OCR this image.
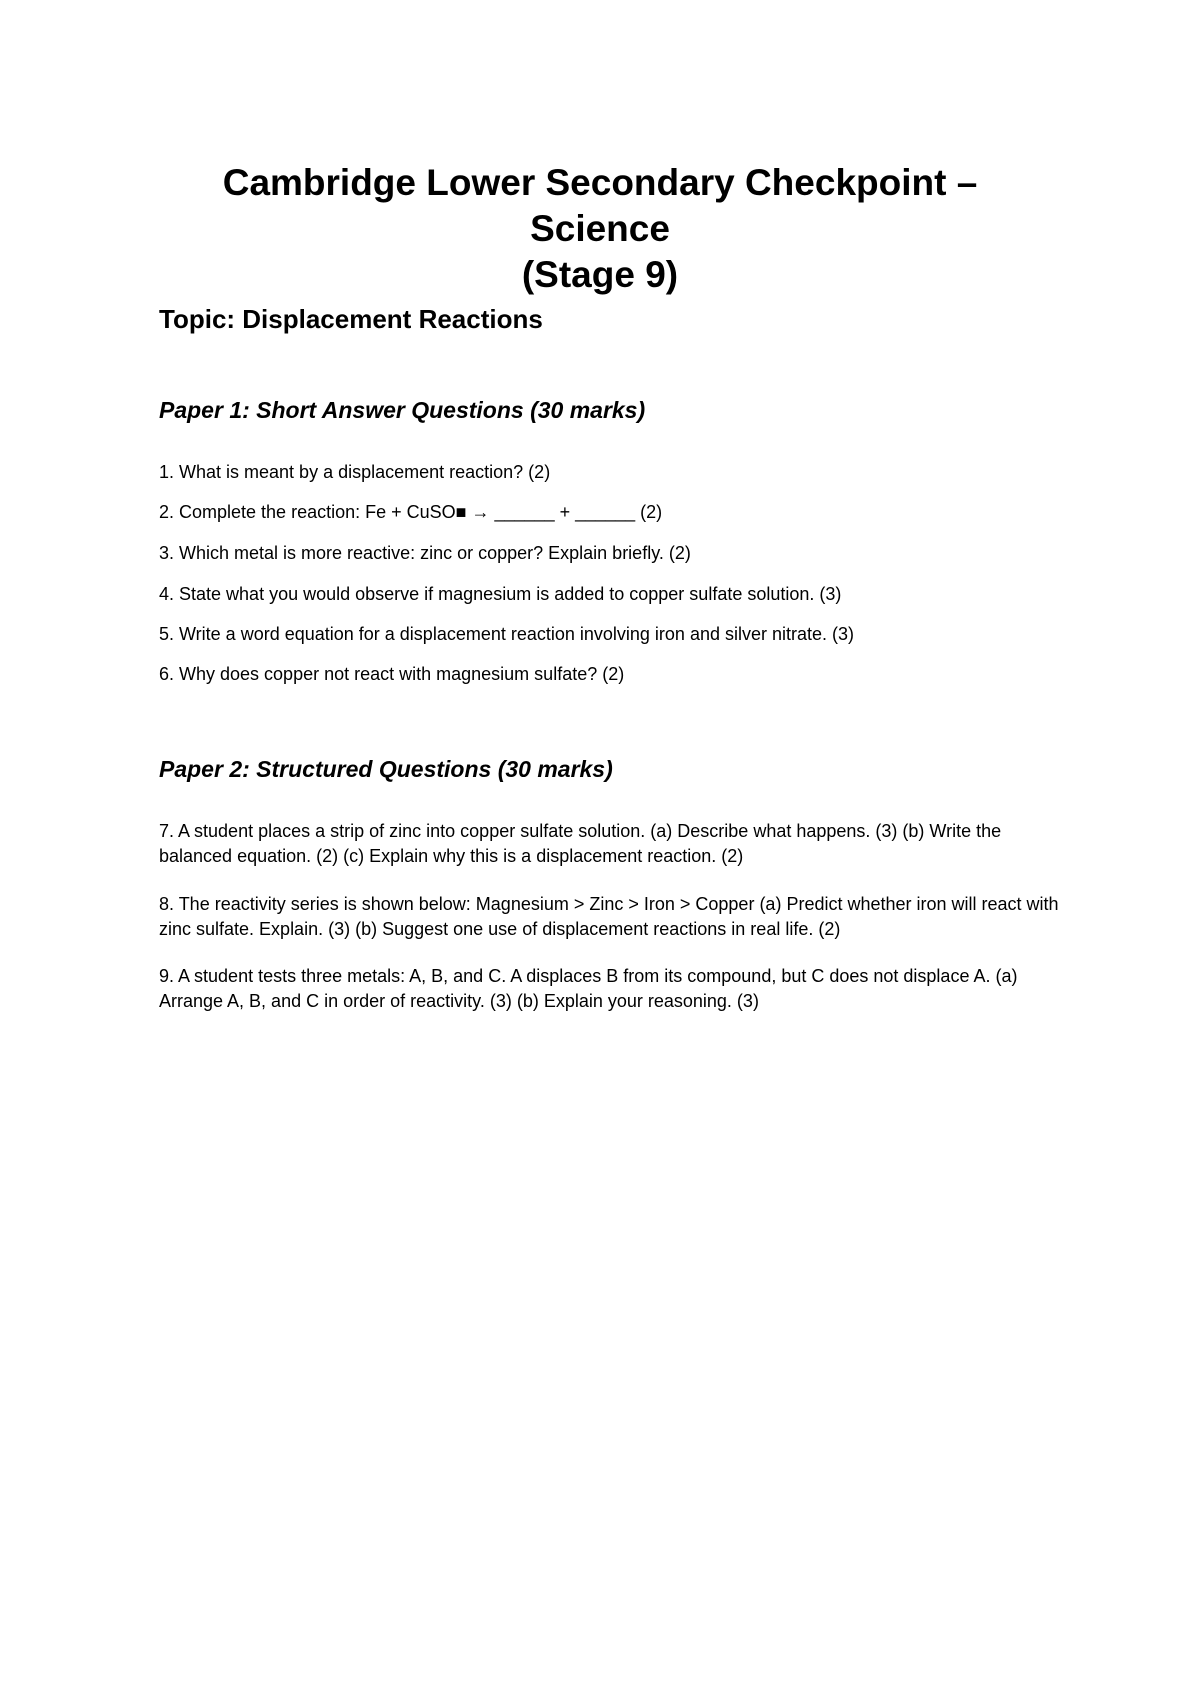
Cambridge Lower Secondary Checkpoint – Science
(Stage 9)
Topic: Displacement Reactions
Paper 1: Short Answer Questions (30 marks)

1. What is meant by a displacement reaction? (2)

2. Complete the reaction: Fe + CuSO■ → ______ + ______ (2)

3. Which metal is more reactive: zinc or copper? Explain briefly. (2)

4. State what you would observe if magnesium is added to copper sulfate solution. (3)

5. Write a word equation for a displacement reaction involving iron and silver nitrate. (3)

6. Why does copper not react with magnesium sulfate? (2)

Paper 2: Structured Questions (30 marks)

7. A student places a strip of zinc into copper sulfate solution. (a) Describe what happens. (3) (b) Write the balanced equation. (2) (c) Explain why this is a displacement reaction. (2)

8. The reactivity series is shown below: Magnesium > Zinc > Iron > Copper (a) Predict whether iron will react with zinc sulfate. Explain. (3) (b) Suggest one use of displacement reactions in real life. (2)

9. A student tests three metals: A, B, and C. A displaces B from its compound, but C does not displace A. (a) Arrange A, B, and C in order of reactivity. (3) (b) Explain your reasoning. (3)
